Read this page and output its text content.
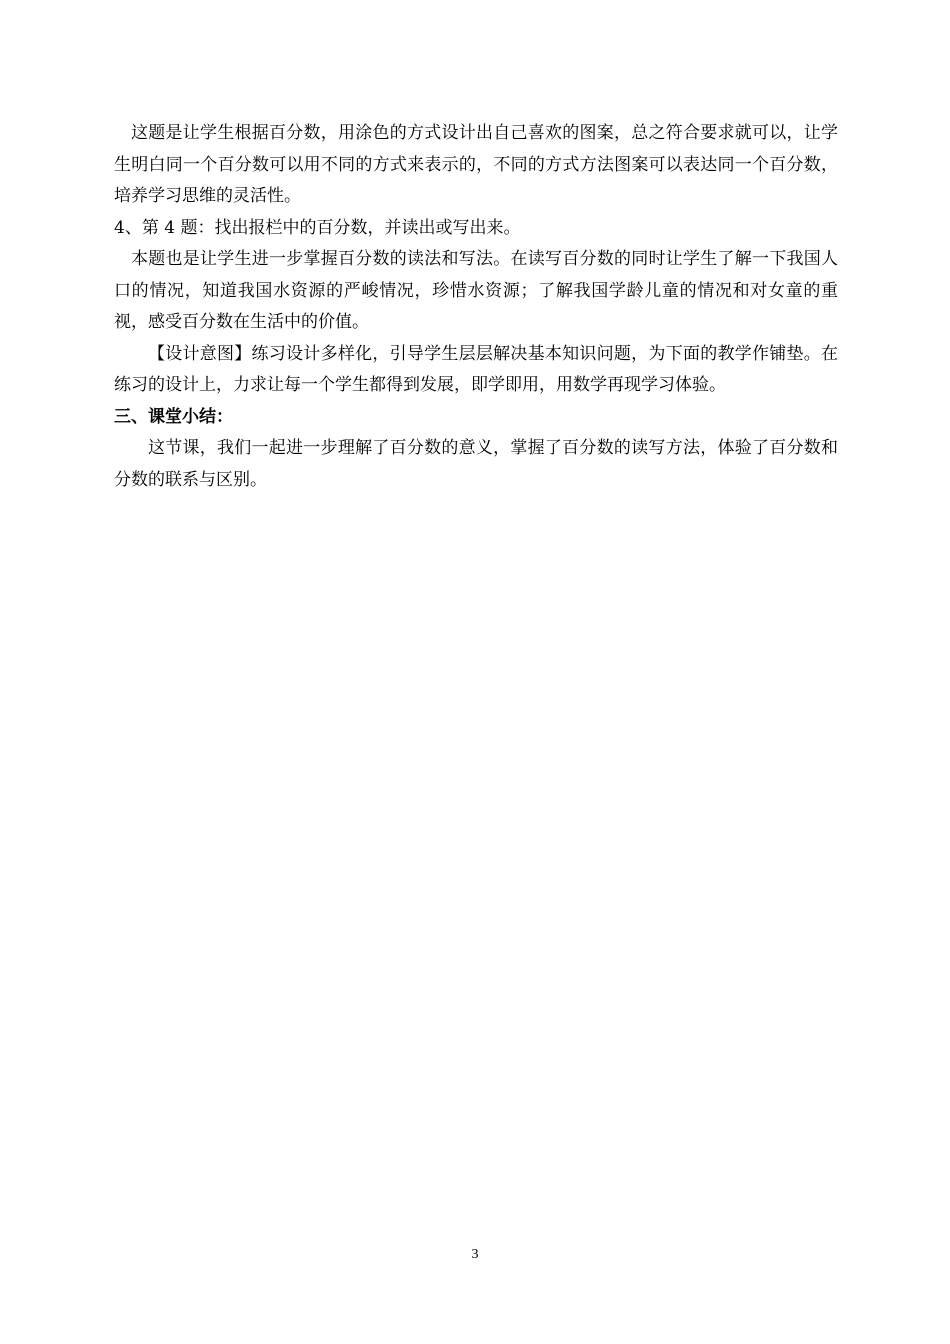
这题是让学生根据百分数，用涂色的方式设计出自己喜欢的图案，总之符合要求就可以，让学生明白同一个百分数可以用不同的方式来表示的，不同的方式方法图案可以表达同一个百分数，培养学习思维的灵活性。

4、第 4 题：找出报栏中的百分数，并读出或写出来。

本题也是让学生进一步掌握百分数的读法和写法。在读写百分数的同时让学生了解一下我国人口的情况，知道我国水资源的严峻情况，珍惜水资源；了解我国学龄儿童的情况和对女童的重视，感受百分数在生活中的价值。

【设计意图】练习设计多样化，引导学生层层解决基本知识问题，为下面的教学作铺垫。在练习的设计上，力求让每一个学生都得到发展，即学即用，用数学再现学习体验。

三、课堂小结：

这节课，我们一起进一步理解了百分数的意义，掌握了百分数的读写方法，体验了百分数和分数的联系与区别。

3
